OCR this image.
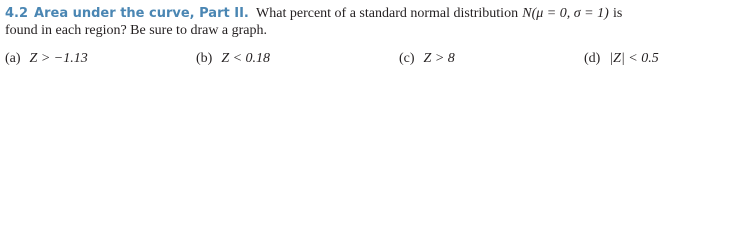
4.2 Area under the curve, Part II. What percent of a standard normal distribution N(μ = 0, σ = 1) is
found in each region? Be sure to draw a graph.
(a) Z > −1.13	(b) Z < 0.18	(c) Z > 8	(d) |Z| < 0.5
